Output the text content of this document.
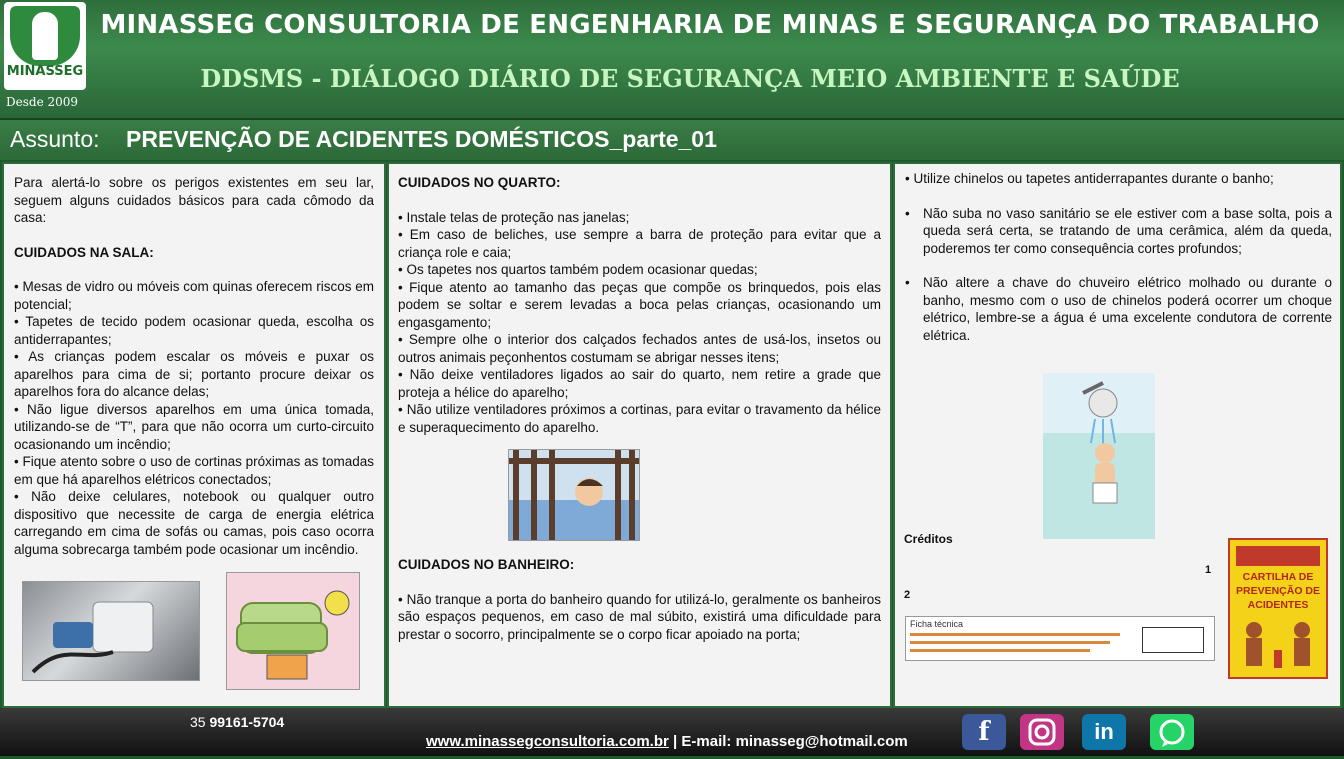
MINASSEG
Desde 2009
MINASSEG CONSULTORIA DE ENGENHARIA DE MINAS E SEGURANÇA DO TRABALHO
DDSMS - DIÁLOGO DIÁRIO DE SEGURANÇA MEIO AMBIENTE E SAÚDE
Assunto: PREVENÇÃO DE ACIDENTES DOMÉSTICOS_parte_01

Para alertá-lo sobre os perigos existentes em seu lar, seguem alguns cuidados básicos para cada cômodo da casa:

CUIDADOS NA SALA:

• Mesas de vidro ou móveis com quinas oferecem riscos em potencial;

• Tapetes de tecido podem ocasionar queda, escolha os antiderrapantes;

• As crianças podem escalar os móveis e puxar os aparelhos para cima de si; portanto procure deixar os aparelhos fora do alcance delas;

• Não ligue diversos aparelhos em uma única tomada, utilizando-se de “T”, para que não ocorra um curto-circuito ocasionando um incêndio;

• Fique atento sobre o uso de cortinas próximas as tomadas em que há aparelhos elétricos conectados;

• Não deixe celulares, notebook ou qualquer outro dispositivo que necessite de carga de energia elétrica carregando em cima de sofás ou camas, pois caso ocorra alguma sobrecarga também pode ocasionar um incêndio.

CUIDADOS NO QUARTO:

• Instale telas de proteção nas janelas;

• Em caso de beliches, use sempre a barra de proteção para evitar que a criança role e caia;

• Os tapetes nos quartos também podem ocasionar quedas;

• Fique atento ao tamanho das peças que compõe os brinquedos, pois elas podem se soltar e serem levadas a boca pelas crianças, ocasionando um engasgamento;

• Sempre olhe o interior dos calçados fechados antes de usá-los, insetos ou outros animais peçonhentos costumam se abrigar nesses itens;

• Não deixe ventiladores ligados ao sair do quarto, nem retire a grade que proteja a hélice do aparelho;

• Não utilize ventiladores próximos a cortinas, para evitar o travamento da hélice e superaquecimento do aparelho.

CUIDADOS NO BANHEIRO:

• Não tranque a porta do banheiro quando for utilizá-lo, geralmente os banheiros são espaços pequenos, em caso de mal súbito, existirá uma dificuldade para prestar o socorro, principalmente se o corpo ficar apoiado na porta;

• Utilize chinelos ou tapetes antiderrapantes durante o banho;

• Não suba no vaso sanitário se ele estiver com a base solta, pois a queda será certa, se tratando de uma cerâmica, além da queda, poderemos ter como consequência cortes profundos;
• Não altere a chave do chuveiro elétrico molhado ou durante o banho, mesmo com o uso de chinelos poderá ocorrer um choque elétrico, lembre-se a água é uma excelente condutora de corrente elétrica.
Créditos
1
2
Ficha técnica
CARTILHA DE PREVENÇÃO DE ACIDENTES
35 99161-5704
www.minassegconsultoria.com.br | E-mail: minasseg@hotmail.com	f	in
